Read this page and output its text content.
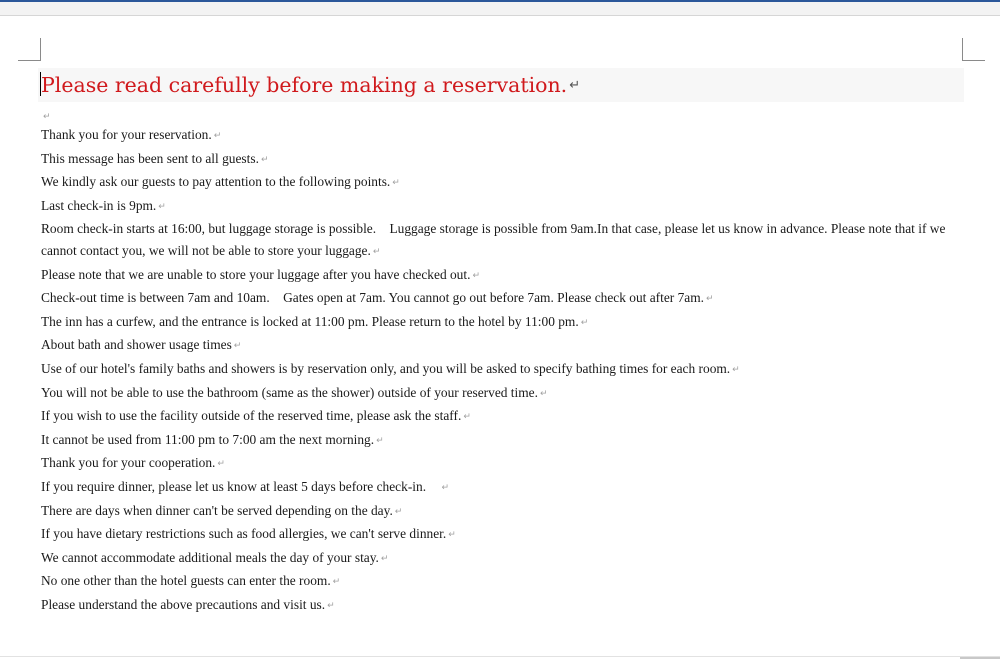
Please read carefully before making a reservation. ↵
↵

Thank you for your reservation. ↵

This message has been sent to all guests. ↵

We kindly ask our guests to pay attention to the following points. ↵

Last check-in is 9pm. ↵

Room check-in starts at 16:00, but luggage storage is possible.　Luggage storage is possible from 9am.In that case, please let us know in advance. Please note that if we cannot contact you, we will not be able to store your luggage. ↵

Please note that we are unable to store your luggage after you have checked out. ↵

Check-out time is between 7am and 10am.　Gates open at 7am. You cannot go out before 7am. Please check out after 7am. ↵

The inn has a curfew, and the entrance is locked at 11:00 pm. Please return to the hotel by 11:00 pm. ↵

About bath and shower usage times ↵

Use of our hotel's family baths and showers is by reservation only, and you will be asked to specify bathing times for each room. ↵

You will not be able to use the bathroom (same as the shower) outside of your reserved time. ↵

If you wish to use the facility outside of the reserved time, please ask the staff. ↵

It cannot be used from 11:00 pm to 7:00 am the next morning. ↵

Thank you for your cooperation. ↵

If you require dinner, please let us know at least 5 days before check-in.　↵

There are days when dinner can't be served depending on the day. ↵

If you have dietary restrictions such as food allergies, we can't serve dinner. ↵

We cannot accommodate additional meals the day of your stay. ↵

No one other than the hotel guests can enter the room. ↵

Please understand the above precautions and visit us. ↵
